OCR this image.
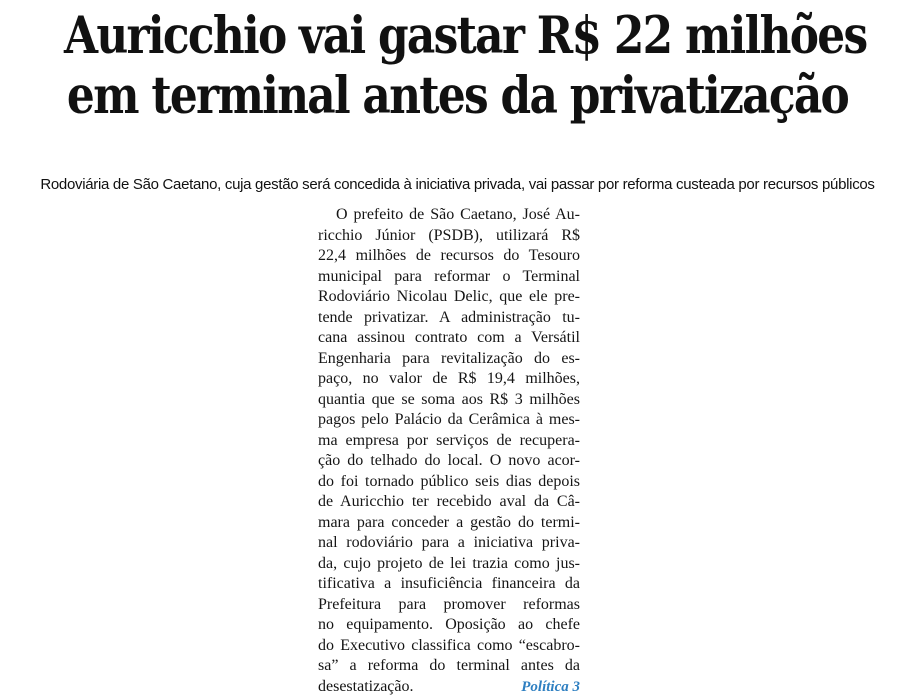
Auricchio vai gastar R$ 22 milhões
em terminal antes da privatização

Rodoviária de São Caetano, cuja gestão será concedida à iniciativa privada, vai passar por reforma custeada por recursos públicos

O prefeito de São Caetano, José Au-
ricchio Júnior (PSDB), utilizará R$
22,4 milhões de recursos do Tesouro
municipal para reformar o Terminal
Rodoviário Nicolau Delic, que ele pre-
tende privatizar. A administração tu-
cana assinou contrato com a Versátil
Engenharia para revitalização do es-
paço, no valor de R$ 19,4 milhões,
quantia que se soma aos R$ 3 milhões
pagos pelo Palácio da Cerâmica à mes-
ma empresa por serviços de recupera-
ção do telhado do local. O novo acor-
do foi tornado público seis dias depois
de Auricchio ter recebido aval da Câ-
mara para conceder a gestão do termi-
nal rodoviário para a iniciativa priva-
da, cujo projeto de lei trazia como jus-
tificativa a insuficiência financeira da
Prefeitura para promover reformas
no equipamento. Oposição ao chefe
do Executivo classifica como “escabro-
sa” a reforma do terminal antes da
desestatização.	Política 3
